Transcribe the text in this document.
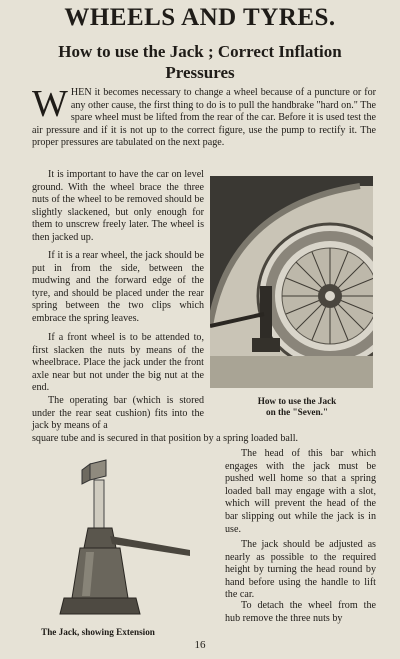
WHEELS AND TYRES.
How to use the Jack ; Correct Inflation
Pressures
WHEN it becomes necessary to change a wheel because of a puncture or for any other cause, the first thing to do is to pull the handbrake "hard on." The spare wheel must be lifted from the rear of the car. Before it is used test the air pressure and if it is not up to the correct figure, use the pump to rectify it. The proper pressures are tabulated on the next page.
It is important to have the car on level ground. With the wheel brace the three nuts of the wheel to be removed should be slightly slackened, but only enough for them to unscrew freely later. The wheel is then jacked up.
If it is a rear wheel, the jack should be put in from the side, between the mudwing and the forward edge of the tyre, and should be placed under the rear spring between the two clips which embrace the spring leaves.
If a front wheel is to be attended to, first slacken the nuts by means of the wheelbrace. Place the jack under the front axle near but not under the big nut at the end.
The operating bar (which is stored under the rear seat cushion) fits into the jack by means of a
square tube and is secured in that position by a spring loaded ball.
How to use the Jack
on the "Seven."
The Jack, showing Extension
The head of this bar which engages with the jack must be pushed well home so that a spring loaded ball may engage with a slot, which will prevent the head of the bar slipping out while the jack is in use.
The jack should be adjusted as nearly as possible to the required height by turning the head round by hand before using the handle to lift the car.
To detach the wheel from the hub remove the three nuts by
16
